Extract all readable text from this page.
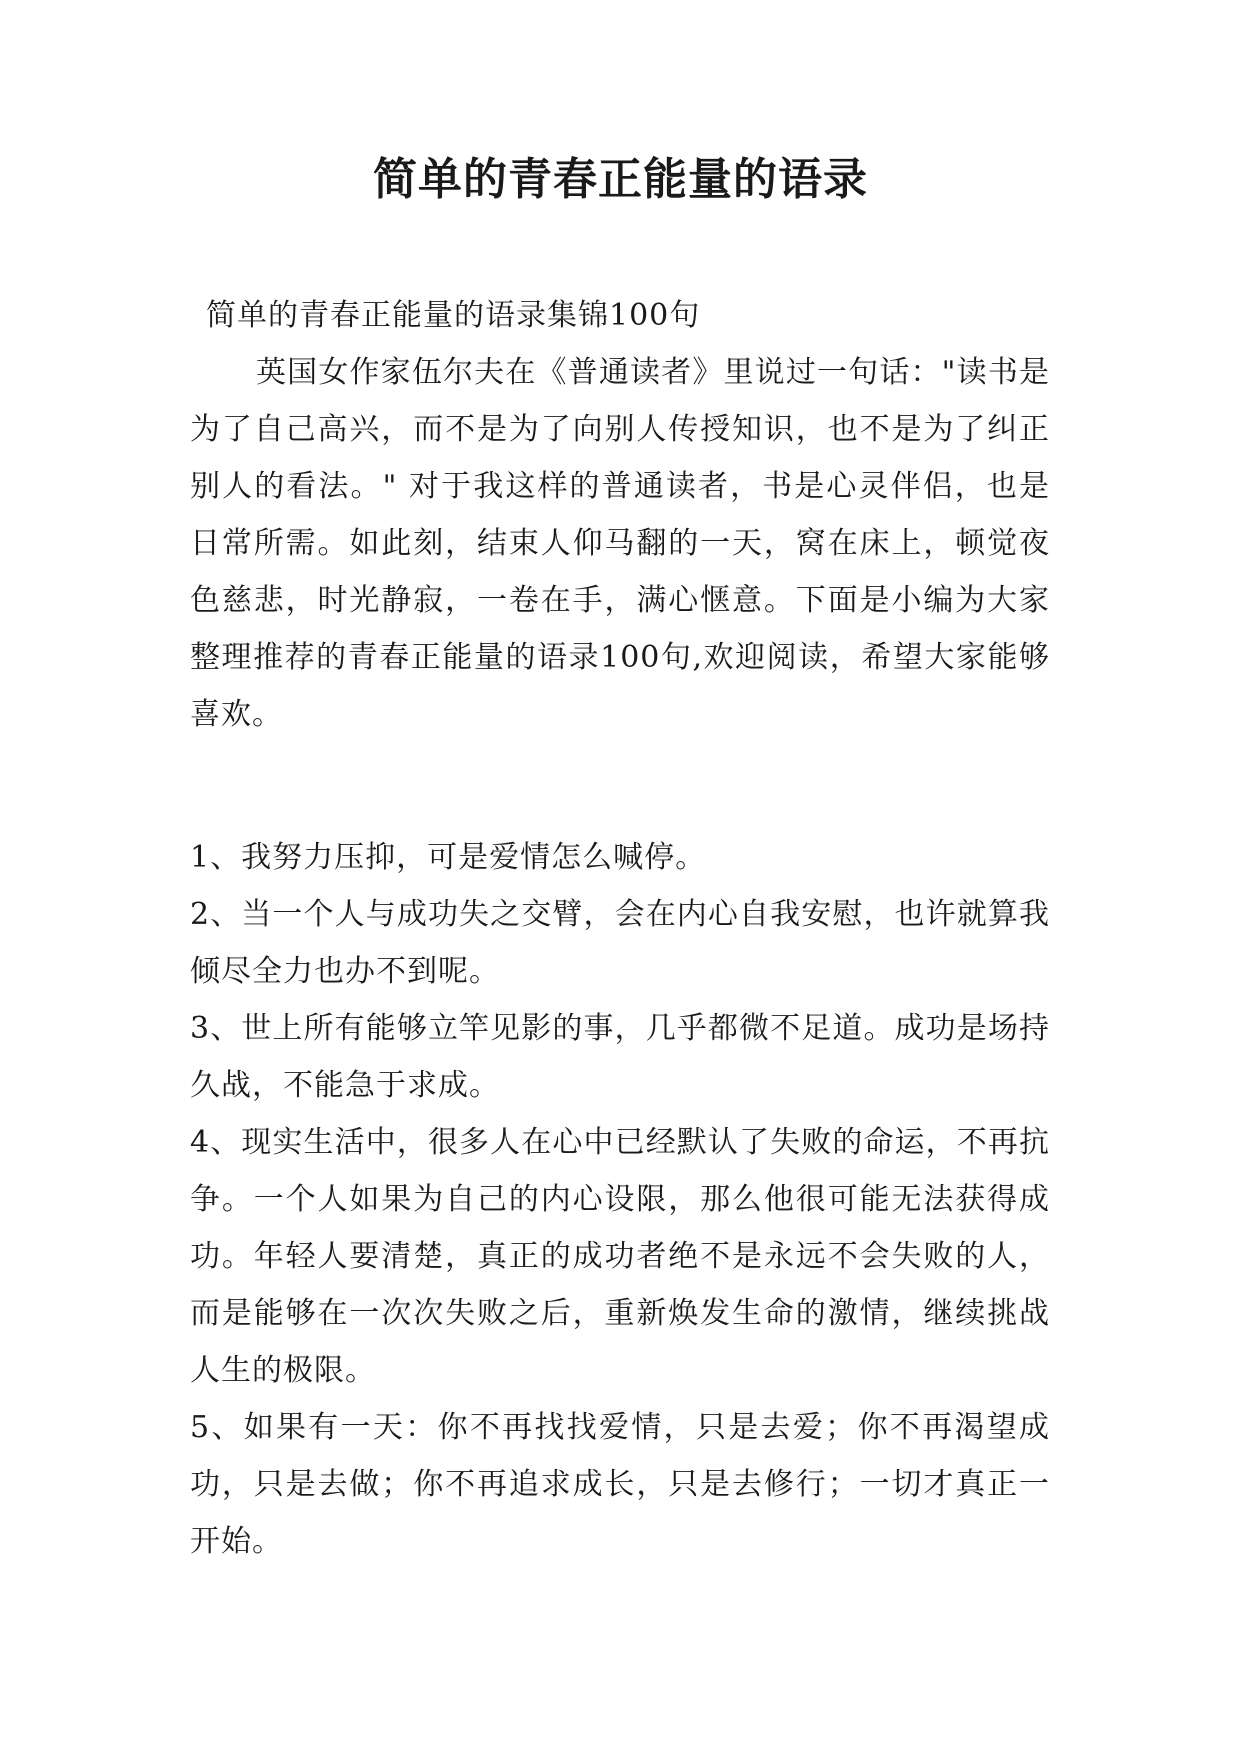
简单的青春正能量的语录

简单的青春正能量的语录集锦100句

英国女作家伍尔夫在《普通读者》里说过一句话："读书是为了自己高兴，而不是为了向别人传授知识，也不是为了纠正别人的看法。" 对于我这样的普通读者，书是心灵伴侣，也是日常所需。如此刻，结束人仰马翻的一天，窝在床上，顿觉夜色慈悲，时光静寂，一卷在手，满心惬意。下面是小编为大家整理推荐的青春正能量的语录100句,欢迎阅读，希望大家能够喜欢。

1、我努力压抑，可是爱情怎么喊停。

2、当一个人与成功失之交臂，会在内心自我安慰，也许就算我倾尽全力也办不到呢。

3、世上所有能够立竿见影的事，几乎都微不足道。成功是场持久战，不能急于求成。

4、现实生活中，很多人在心中已经默认了失败的命运，不再抗争。一个人如果为自己的内心设限，那么他很可能无法获得成功。年轻人要清楚，真正的成功者绝不是永远不会失败的人，而是能够在一次次失败之后，重新焕发生命的激情，继续挑战人生的极限。

5、如果有一天：你不再找找爱情，只是去爱；你不再渴望成功，只是去做；你不再追求成长，只是去修行；一切才真正一开始。
